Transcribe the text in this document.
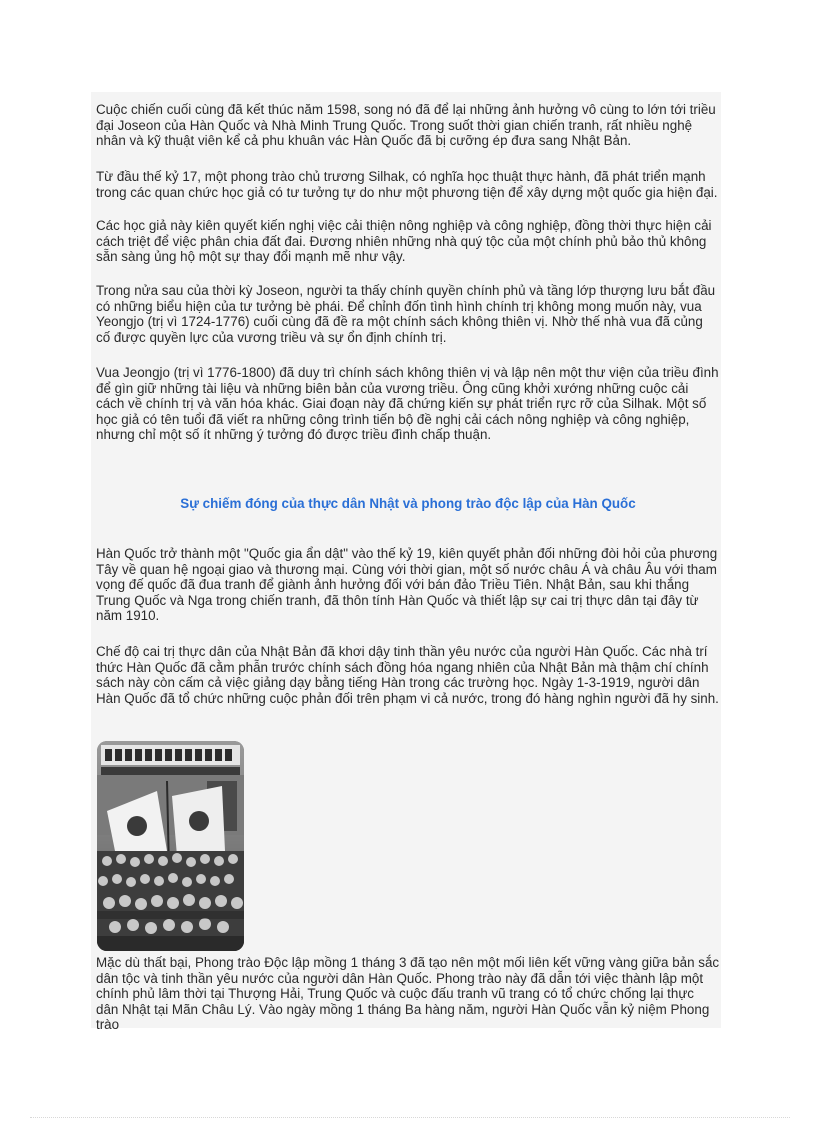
Cuộc chiến cuối cùng đã kết thúc năm 1598, song nó đã để lại những ảnh hưởng vô cùng to lớn tới triều đại Joseon của Hàn Quốc và Nhà Minh Trung Quốc. Trong suốt thời gian chiến tranh, rất nhiều nghệ nhân và kỹ thuật viên kể cả phu khuân vác Hàn Quốc đã bị cưỡng ép đưa sang Nhật Bản.

Từ đầu thế kỷ 17, một phong trào chủ trương Silhak, có nghĩa học thuật thực hành, đã phát triển mạnh trong các quan chức học giả có tư tưởng tự do như một phương tiện để xây dựng một quốc gia hiện đại.

Các học giả này kiên quyết kiến nghị việc cải thiện nông nghiệp và công nghiệp, đồng thời thực hiện cải cách triệt để việc phân chia đất đai. Đương nhiên những nhà quý tộc của một chính phủ bảo thủ không sẵn sàng ủng hộ một sự thay đổi mạnh mẽ như vậy.

Trong nửa sau của thời kỳ Joseon, người ta thấy chính quyền chính phủ và tầng lớp thượng lưu bắt đầu có những biểu hiện của tư tưởng bè phái. Để chỉnh đốn tình hình chính trị không mong muốn này, vua Yeongjo (trị vì 1724-1776) cuối cùng đã đề ra một chính sách không thiên vị. Nhờ thế nhà vua đã củng cố được quyền lực của vương triều và sự ổn định chính trị.

Vua Jeongjo (trị vì 1776-1800) đã duy trì chính sách không thiên vị và lập nên một thư viện của triều đình để gìn giữ những tài liệu và những biên bản của vương triều. Ông cũng khởi xướng những cuộc cải cách về chính trị và văn hóa khác. Giai đoạn này đã chứng kiến sự phát triển rực rỡ của Silhak. Một số học giả có tên tuổi đã viết ra những công trình tiến bộ đề nghị cải cách nông nghiệp và công nghiệp, nhưng chỉ một số ít những ý tưởng đó được triều đình chấp thuận.

Sự chiếm đóng của thực dân Nhật và phong trào độc lập của Hàn Quốc

Hàn Quốc trở thành một "Quốc gia ẩn dật" vào thế kỷ 19, kiên quyết phản đối những đòi hỏi của phương Tây về quan hệ ngoại giao và thương mại. Cùng với thời gian, một số nước châu Á và châu Âu với tham vọng đế quốc đã đua tranh để giành ảnh hưởng đối với bán đảo Triều Tiên. Nhật Bản, sau khi thắng Trung Quốc và Nga trong chiến tranh, đã thôn tính Hàn Quốc và thiết lập sự cai trị thực dân tại đây từ năm 1910.

Chế độ cai trị thực dân của Nhật Bản đã khơi dậy tinh thần yêu nước của người Hàn Quốc. Các nhà trí thức Hàn Quốc đã cằm phẫn trước chính sách đồng hóa ngang nhiên của Nhật Bản mà thậm chí chính sách này còn cấm cả việc giảng dạy bằng tiếng Hàn trong các trường học. Ngày 1-3-1919, người dân Hàn Quốc đã tổ chức những cuộc phản đối trên phạm vi cả nước, trong đó hàng nghìn người đã hy sinh.

Mặc dù thất bại, Phong trào Độc lập mồng 1 tháng 3 đã tạo nên một mối liên kết vững vàng giữa bản sắc dân tộc và tinh thần yêu nước của người dân Hàn Quốc. Phong trào này đã dẫn tới việc thành lập một chính phủ lâm thời tại Thượng Hải, Trung Quốc và cuộc đấu tranh vũ trang có tổ chức chống lại thực dân Nhật tại Mãn Châu Lý. Vào ngày mồng 1 tháng Ba hàng năm, người Hàn Quốc vẫn kỷ niệm Phong trào
